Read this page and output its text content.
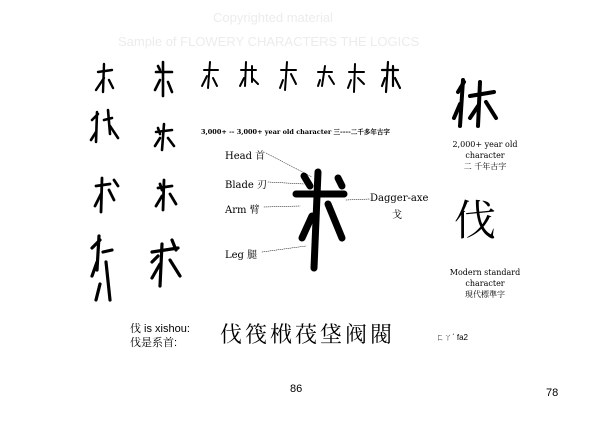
Copyrighted material
Sample of FLOWERY CHARACTERS THE LOGICS
3,000+ -- 3,000+ year old character 三----二千多年古字
Head 首
Blade 刃
Arm 臂
Leg 腿
Dagger-axe
戈
2,000+ year old
character
二 千年古字
伐
Modern standard
character
現代標準字
伐 is xishou:
伐是系首: 伐筏栰茷垡阀閥	ㄈㄚˊ fa2
86	78
